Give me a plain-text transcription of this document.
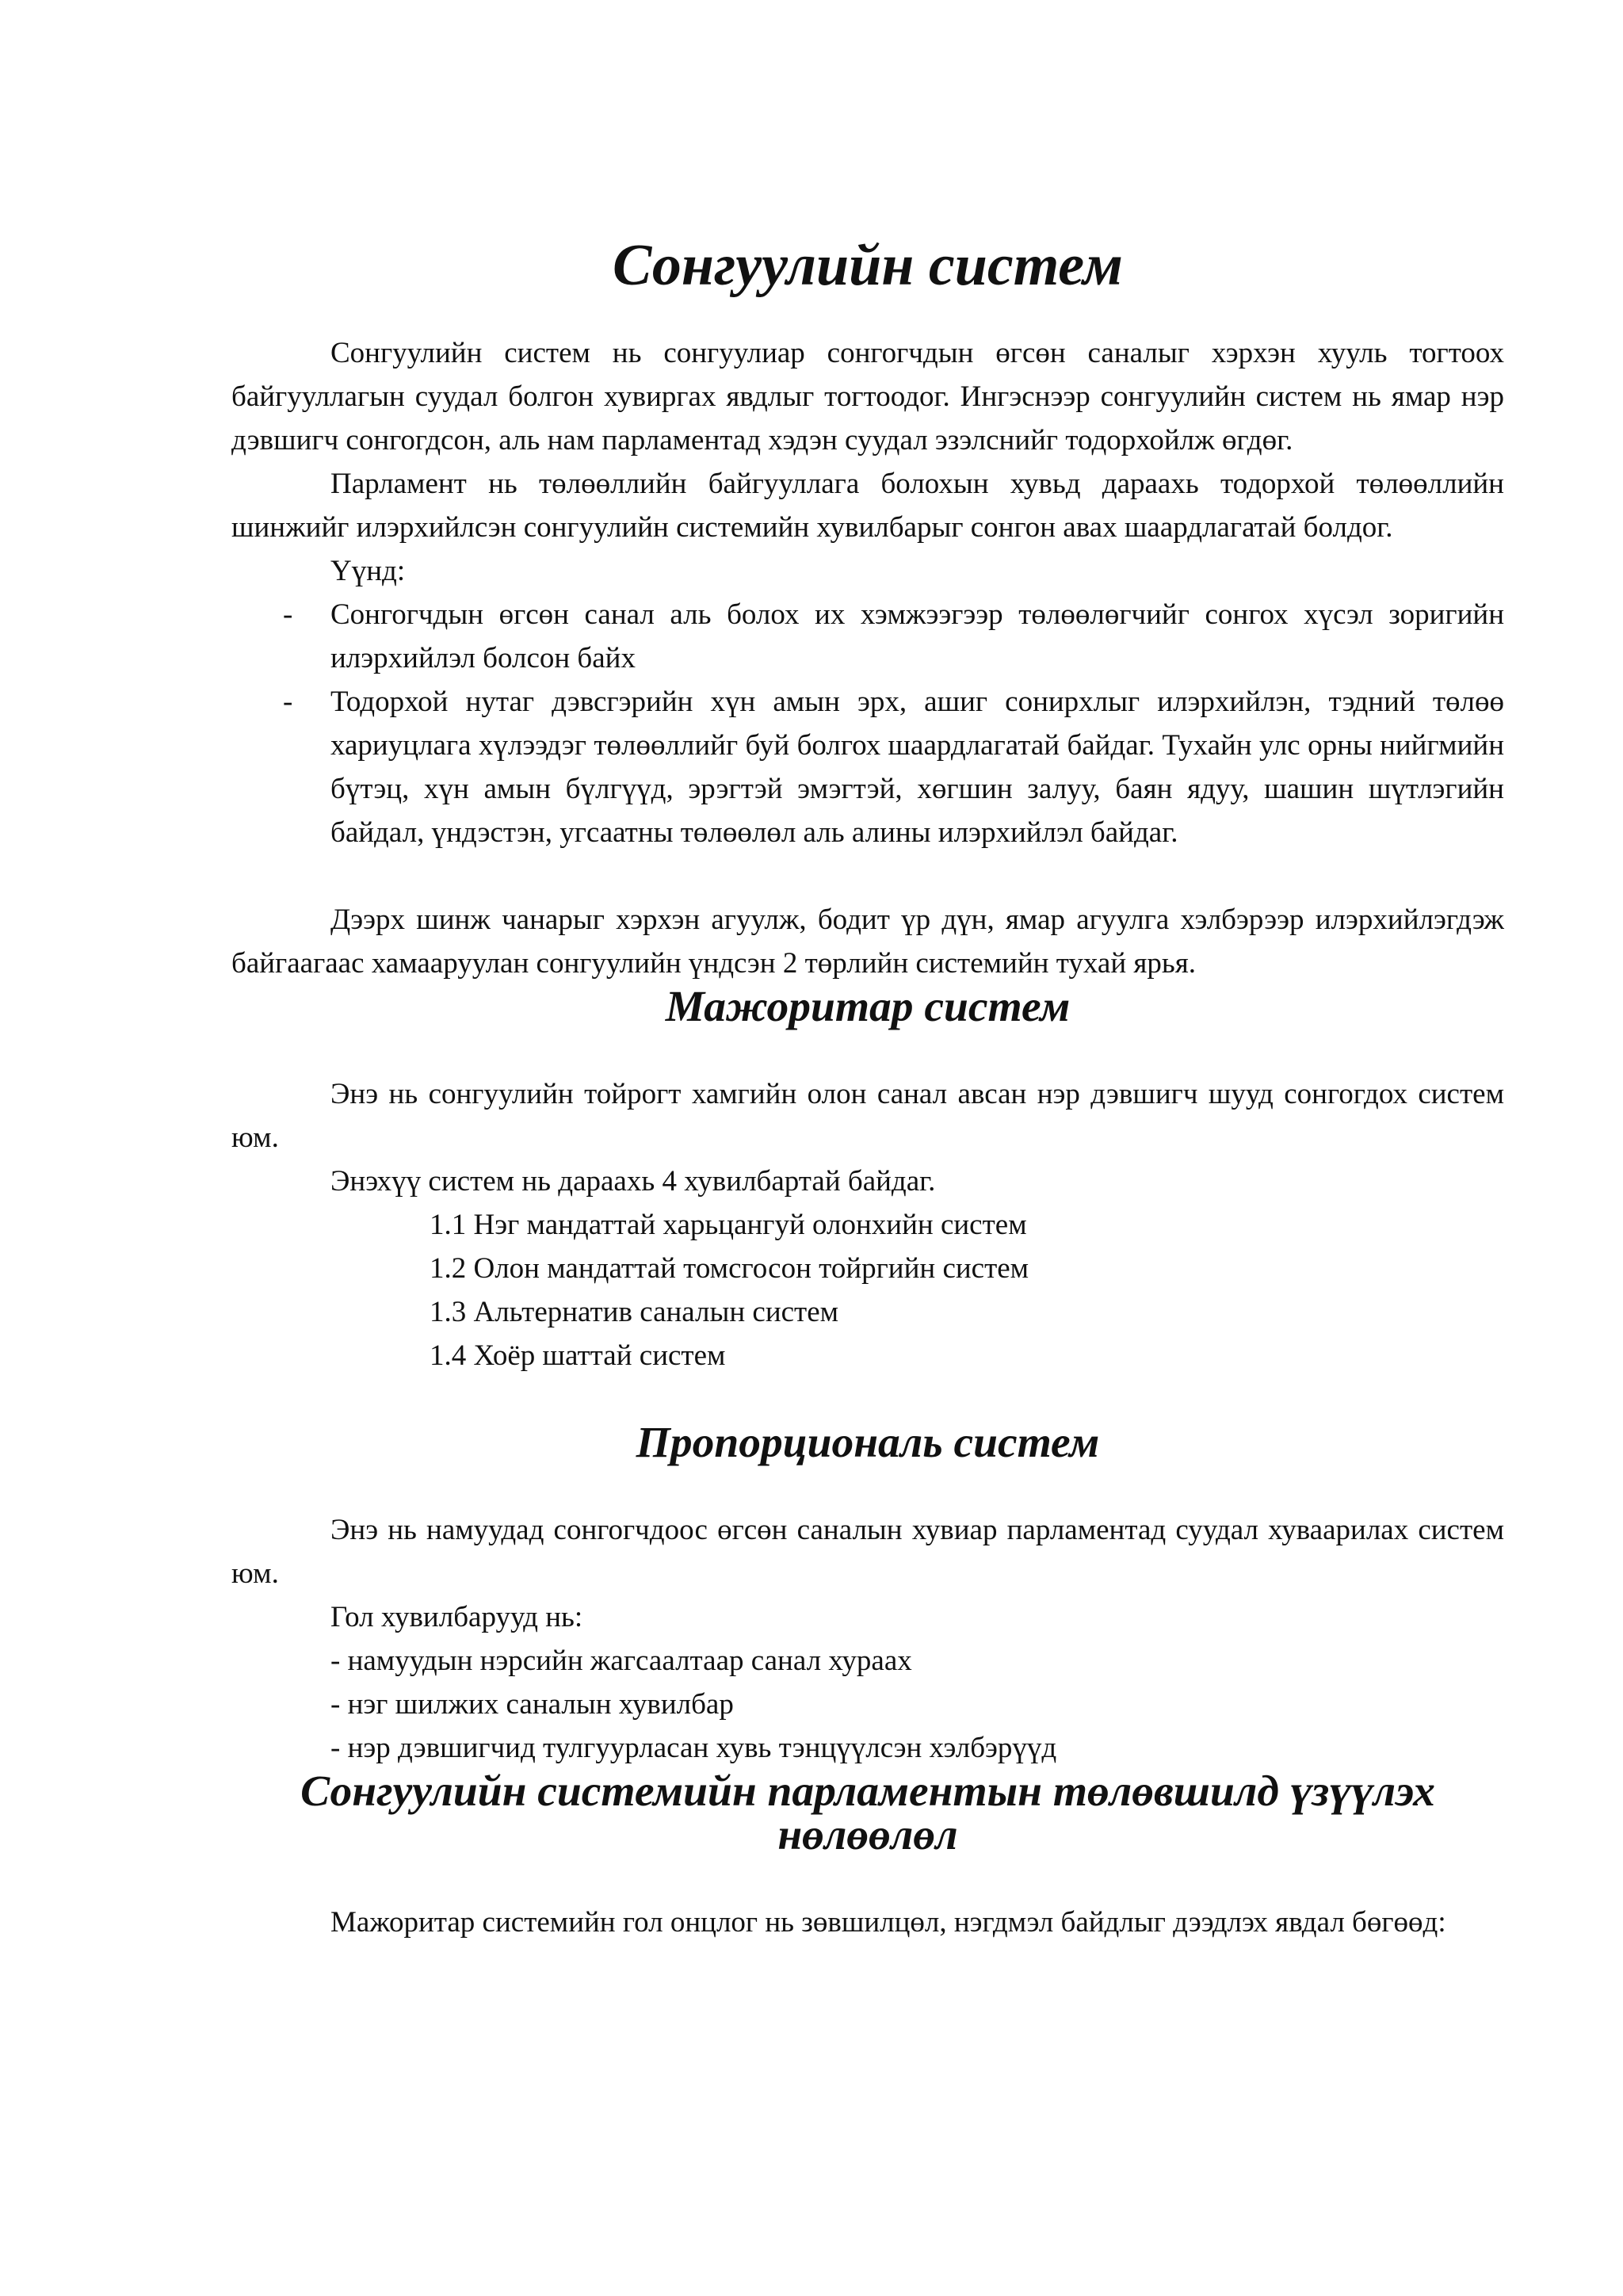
Сонгуулийн систем

Сонгуулийн систем нь сонгуулиар сонгогчдын өгсөн саналыг хэрхэн хууль тогтоох байгууллагын суудал болгон хувиргах явдлыг тогтоодог. Ингэснээр сонгуулийн систем нь ямар нэр дэвшигч сонгогдсон, аль нам парламентад хэдэн суудал эзэлснийг тодорхойлж өгдөг.

Парламент нь төлөөллийн байгууллага болохын хувьд дараахь тодорхой төлөөллийн шинжийг илэрхийлсэн сонгуулийн системийн хувилбарыг сонгон авах шаардлагатай болдог.

Үүнд:

- Сонгогчдын өгсөн санал аль болох их хэмжээгээр төлөөлөгчийг сонгох хүсэл зоригийн илэрхийлэл болсон байх
- Тодорхой нутаг дэвсгэрийн хүн амын эрх, ашиг сонирхлыг илэрхийлэн, тэдний төлөө хариуцлага хүлээдэг төлөөллийг буй болгох шаардлагатай байдаг. Тухайн улс орны нийгмийн бүтэц, хүн амын бүлгүүд, эрэгтэй эмэгтэй, хөгшин залуу, баян ядуу, шашин шүтлэгийн байдал, үндэстэн, угсаатны төлөөлөл аль алины илэрхийлэл байдаг.

Дээрх шинж чанарыг хэрхэн агуулж, бодит үр дүн, ямар агуулга хэлбэрээр илэрхийлэгдэж байгаагаас хамааруулан сонгуулийн үндсэн 2 төрлийн системийн тухай ярья.

Мажоритар систем

Энэ нь сонгуулийн тойрогт хамгийн олон санал авсан нэр дэвшигч шууд сонгогдох систем юм.

Энэхүү систем нь дараахь 4 хувилбартай байдаг.

1.1 Нэг мандаттай харьцангуй олонхийн систем

1.2 Олон мандаттай томсгосон тойргийн систем

1.3 Альтернатив саналын систем

1.4 Хоёр шаттай систем

Пропорциональ систем

Энэ нь намуудад сонгогчдоос өгсөн саналын хувиар парламентад суудал хуваарилах систем юм.

Гол хувилбарууд нь:

- намуудын нэрсийн жагсаалтаар санал хураах

- нэг шилжих саналын хувилбар

- нэр дэвшигчид тулгуурласан хувь тэнцүүлсэн хэлбэрүүд

Сонгуулийн системийн парламентын төлөвшилд үзүүлэх нөлөөлөл

Мажоритар системийн гол онцлог нь зөвшилцөл, нэгдмэл байдлыг дээдлэх явдал бөгөөд:
